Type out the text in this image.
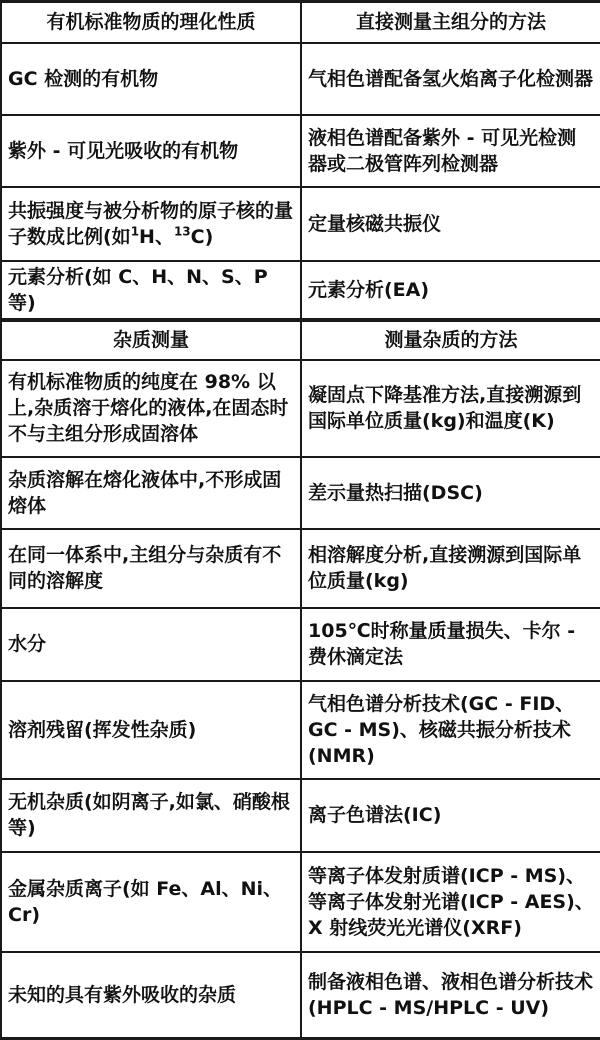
有机标准物质的理化性质	直接测量主组分的方法
GC 检测的有机物	气相色谱配备氢火焰离子化检测器
紫外 - 可见光吸收的有机物	液相色谱配备紫外 - 可见光检测器或二极管阵列检测器
共振强度与被分析物的原子核的量子数成比例(如$^1$H、$^{13}$C)	定量核磁共振仪
元素分析(如 C、H、N、S、P 等)	元素分析(EA)
杂质测量	测量杂质的方法
有机标准物质的纯度在 98% 以上,杂质溶于熔化的液体,在固态时不与主组分形成固溶体	凝固点下降基准方法,直接溯源到国际单位质量(kg)和温度(K)
杂质溶解在熔化液体中,不形成固熔体	差示量热扫描(DSC)
在同一体系中,主组分与杂质有不同的溶解度	相溶解度分析,直接溯源到国际单位质量(kg)
水分	105℃时称量质量损失、卡尔 - 费休滴定法
溶剂残留(挥发性杂质)	气相色谱分析技术(GC - FID、GC - MS)、核磁共振分析技术(NMR)
无机杂质(如阴离子,如氯、硝酸根等)	离子色谱法(IC)
金属杂质离子(如 Fe、Al、Ni、Cr)	等离子体发射质谱(ICP - MS)、等离子体发射光谱(ICP - AES)、X 射线荧光光谱仪(XRF)
未知的具有紫外吸收的杂质	制备液相色谱、液相色谱分析技术(HPLC - MS/HPLC - UV)
